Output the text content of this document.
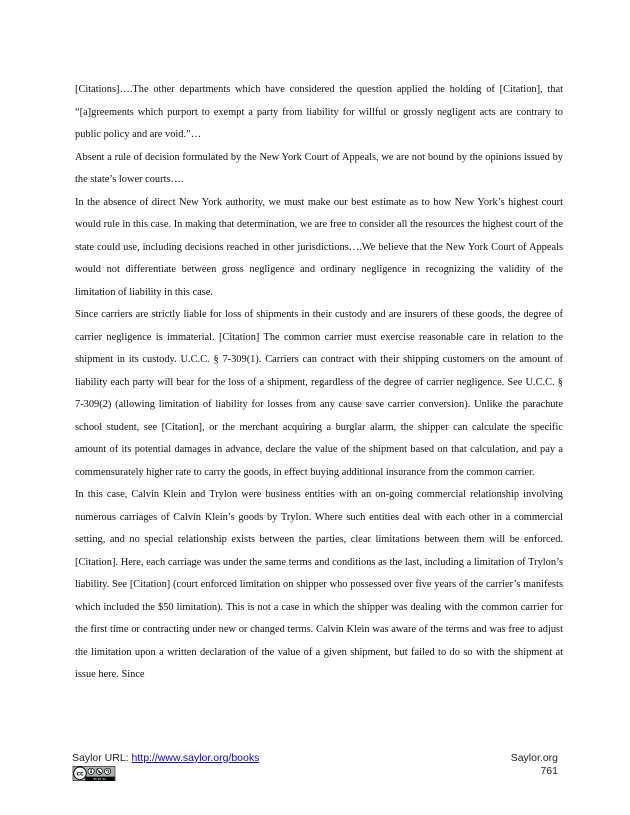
[Citations]….The other departments which have considered the question applied the holding of [Citation], that “[a]greements which purport to exempt a party from liability for willful or grossly negligent acts are contrary to public policy and are void.”…

Absent a rule of decision formulated by the New York Court of Appeals, we are not bound by the opinions issued by the state’s lower courts….

In the absence of direct New York authority, we must make our best estimate as to how New York’s highest court would rule in this case. In making that determination, we are free to consider all the resources the highest court of the state could use, including decisions reached in other jurisdictions….We believe that the New York Court of Appeals would not differentiate between gross negligence and ordinary negligence in recognizing the validity of the limitation of liability in this case.

Since carriers are strictly liable for loss of shipments in their custody and are insurers of these goods, the degree of carrier negligence is immaterial. [Citation] The common carrier must exercise reasonable care in relation to the shipment in its custody. U.C.C. § 7-309(1). Carriers can contract with their shipping customers on the amount of liability each party will bear for the loss of a shipment, regardless of the degree of carrier negligence. See U.C.C. § 7-309(2) (allowing limitation of liability for losses from any cause save carrier conversion). Unlike the parachute school student, see [Citation], or the merchant acquiring a burglar alarm, the shipper can calculate the specific amount of its potential damages in advance, declare the value of the shipment based on that calculation, and pay a commensurately higher rate to carry the goods, in effect buying additional insurance from the common carrier.

In this case, Calvin Klein and Trylon were business entities with an on-going commercial relationship involving numerous carriages of Calvin Klein’s goods by Trylon. Where such entities deal with each other in a commercial setting, and no special relationship exists between the parties, clear limitations between them will be enforced. [Citation]. Here, each carriage was under the same terms and conditions as the last, including a limitation of Trylon’s liability. See [Citation] (court enforced limitation on shipper who possessed over five years of the carrier’s manifests which included the $50 limitation). This is not a case in which the shipper was dealing with the common carrier for the first time or contracting under new or changed terms. Calvin Klein was aware of the terms and was free to adjust the limitation upon a written declaration of the value of a given shipment, but failed to do so with the shipment at issue here. Since

Saylor URL: http://www.saylor.org/books	Saylor.org
761
cc
BY NC SA
